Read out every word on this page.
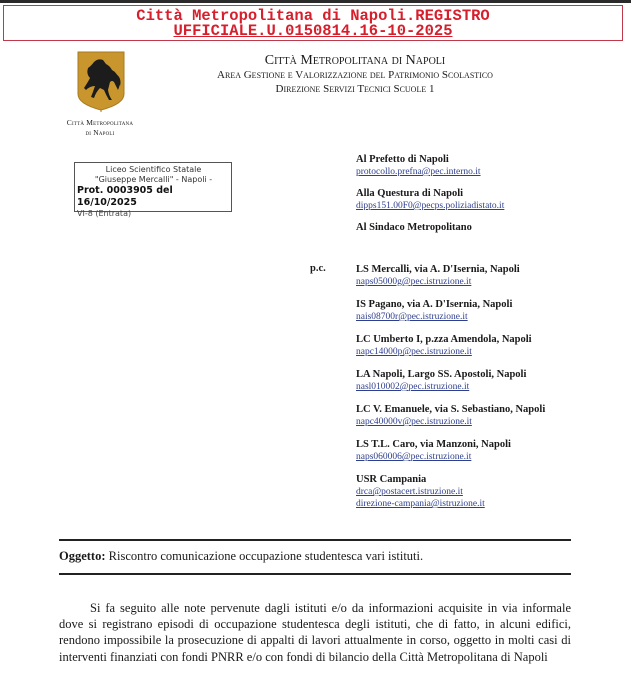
Città Metropolitana di Napoli.REGISTRO
UFFICIALE.U.0150814.16-10-2025
Città Metropolitana
di Napoli
Città Metropolitana di Napoli
Area Gestione e Valorizzazione del Patrimonio Scolastico
Direzione Servizi Tecnici Scuole 1
Liceo Scientifico Statale
"Giuseppe Mercalli" - Napoli -
Prot. 0003905 del 16/10/2025
VI-8 (Entrata)
Al Prefetto di Napoli
protocollo.prefna@pec.interno.it
Alla Questura di Napoli
dipps151.00F0@pecps.poliziadistato.it
Al Sindaco Metropolitano
p.c.	LS Mercalli, via A. D'Isernia, Napoli
naps05000g@pec.istruzione.it
IS Pagano, via A. D'Isernia, Napoli
nais08700r@pec.istruzione.it
LC Umberto I, p.zza Amendola, Napoli
napc14000p@pec.istruzione.it
LA Napoli, Largo SS. Apostoli, Napoli
nasl010002@pec.istruzione.it
LC V. Emanuele, via S. Sebastiano, Napoli
napc40000v@pec.istruzione.it
LS T.L. Caro, via Manzoni, Napoli
naps060006@pec.istruzione.it
USR Campania
drca@postacert.istruzione.it
direzione-campania@istruzione.it
Oggetto: Riscontro comunicazione occupazione studentesca vari istituti.

Si fa seguito alle note pervenute dagli istituti e/o da informazioni acquisite in via informale dove si registrano episodi di occupazione studentesca degli istituti, che di fatto, in alcuni edifici, rendono impossibile la prosecuzione di appalti di lavori attualmente in corso, oggetto in molti casi di interventi finanziati con fondi PNRR e/o con fondi di bilancio della Città Metropolitana di Napoli
